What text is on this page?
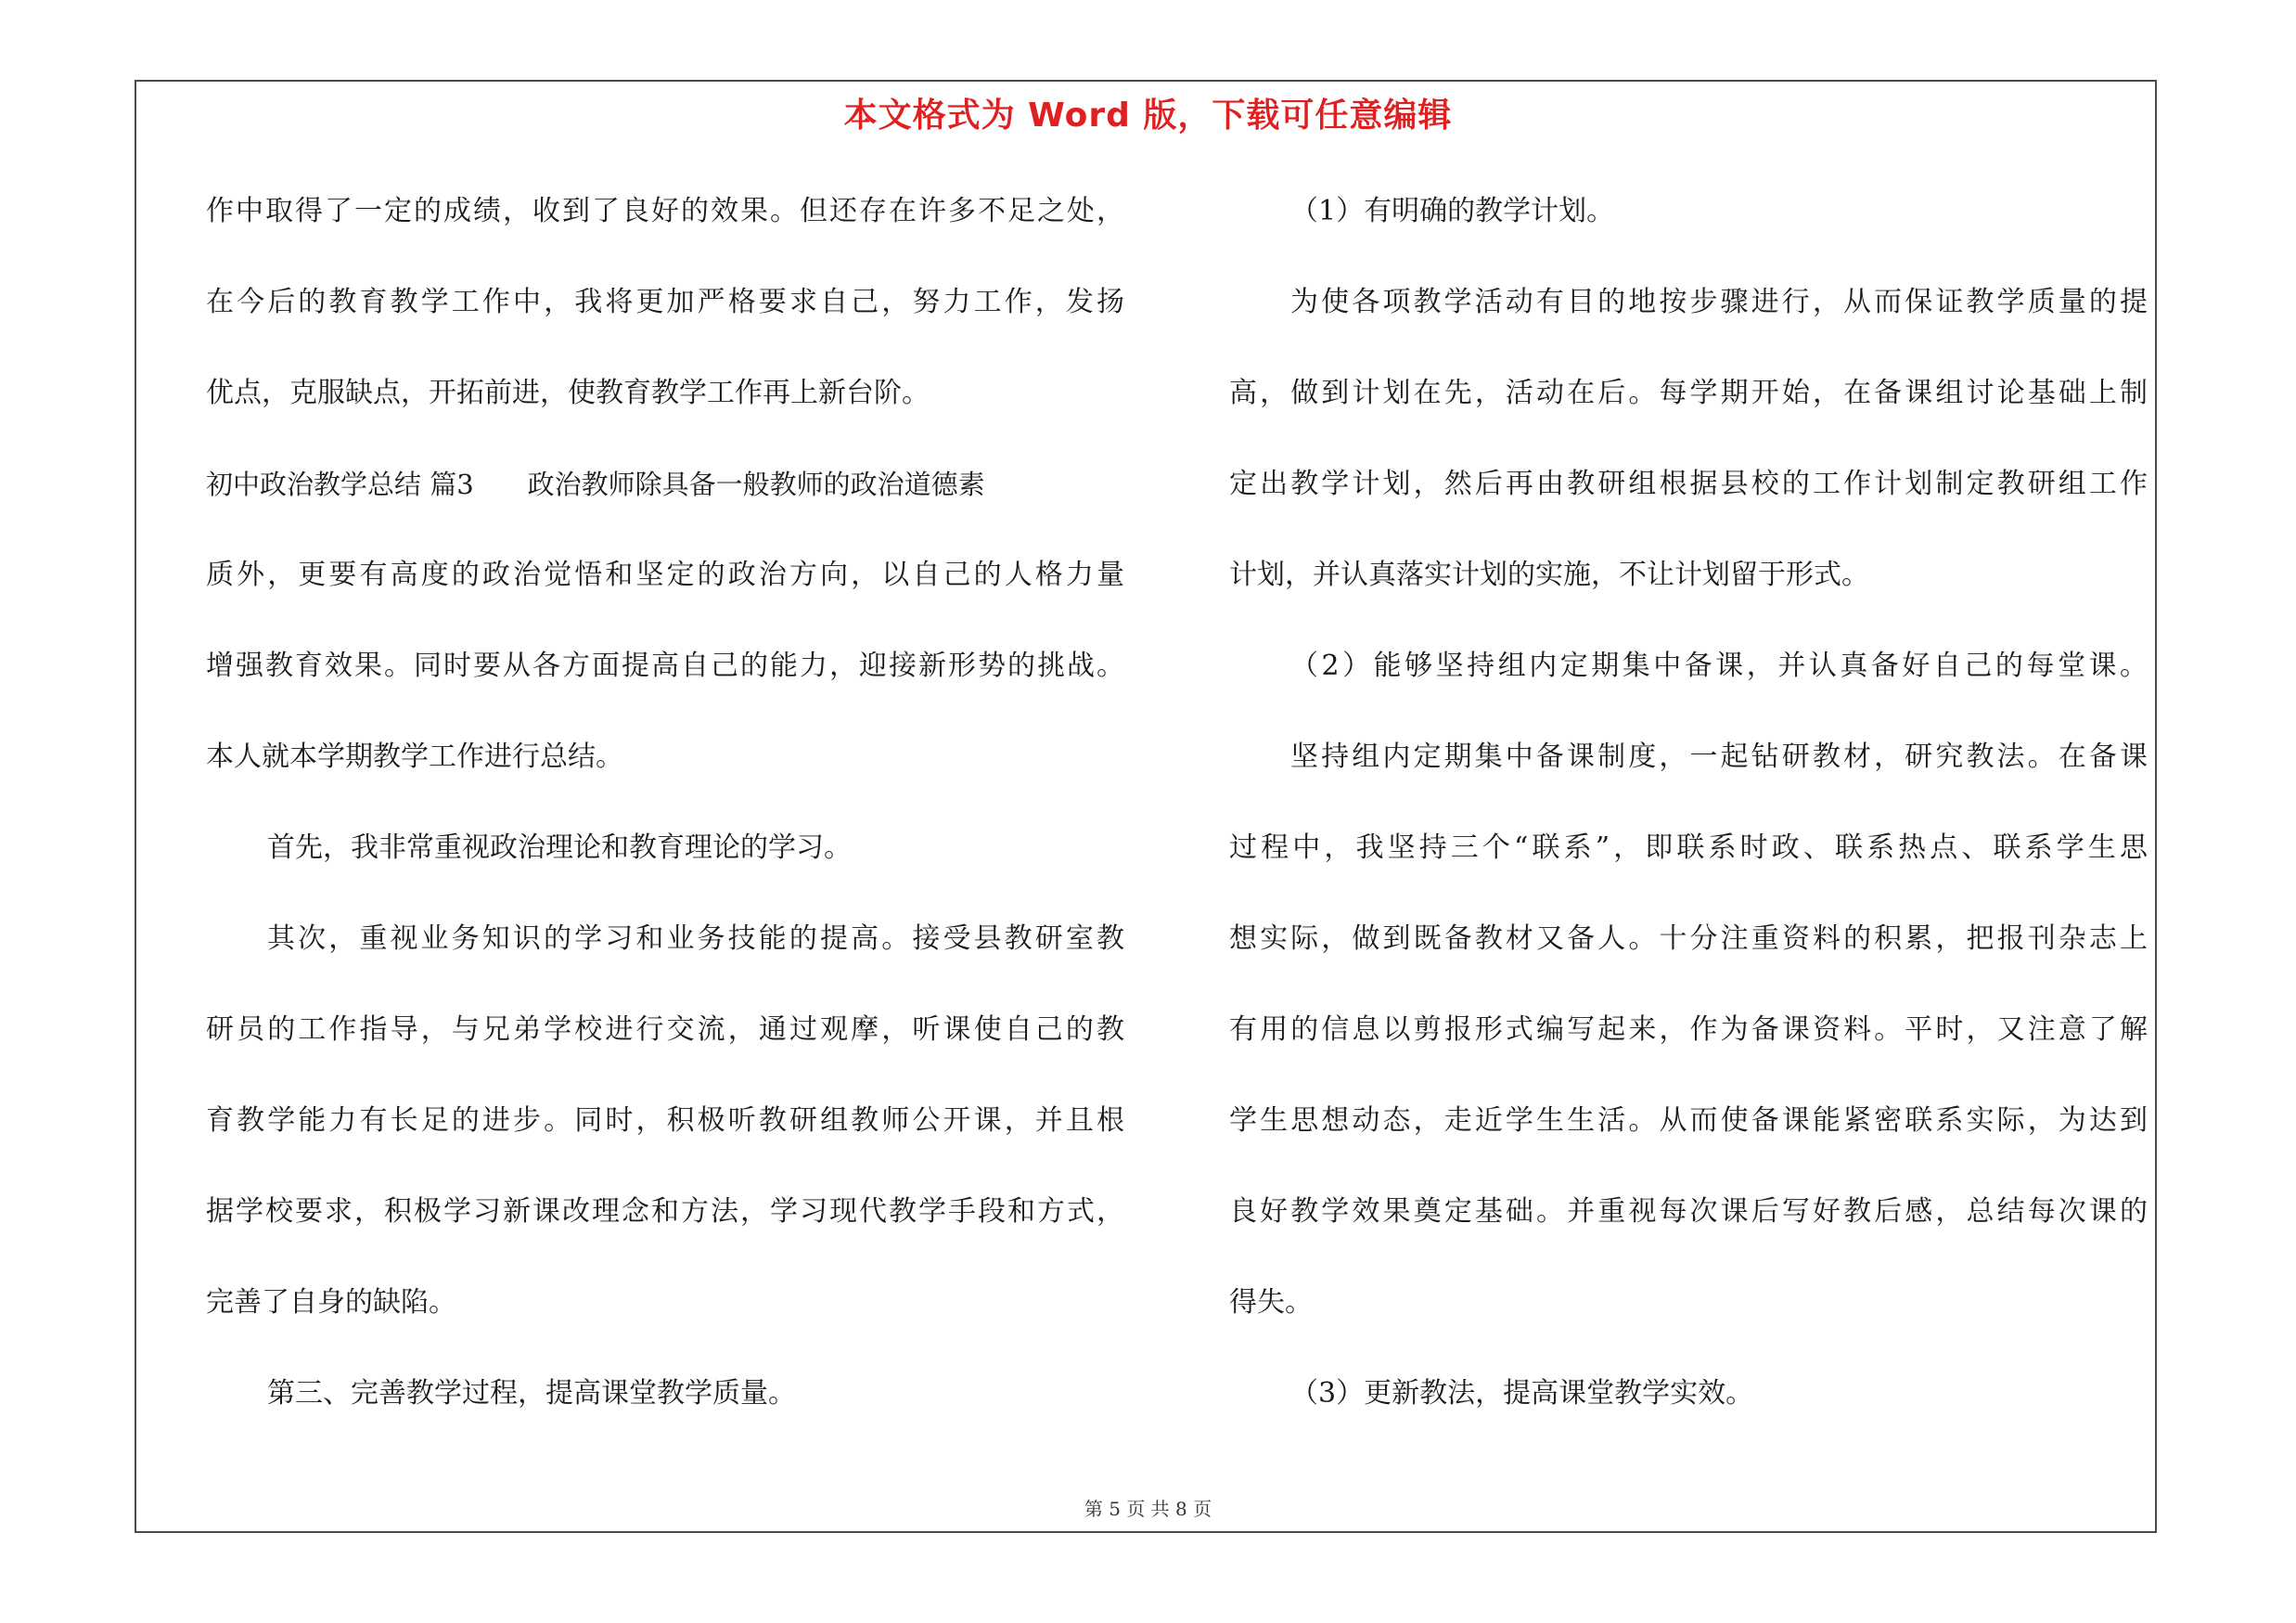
本文格式为 Word 版，下载可任意编辑
作中取得了一定的成绩，收到了良好的效果。但还存在许多不足之处，
在今后的教育教学工作中，我将更加严格要求自己，努力工作，发扬
优点，克服缺点，开拓前进，使教育教学工作再上新台阶。
初中政治教学总结 篇3　　政治教师除具备一般教师的政治道德素
质外，更要有高度的政治觉悟和坚定的政治方向，以自己的人格力量
增强教育效果。同时要从各方面提高自己的能力，迎接新形势的挑战。
本人就本学期教学工作进行总结。
首先，我非常重视政治理论和教育理论的学习。
其次，重视业务知识的学习和业务技能的提高。接受县教研室教
研员的工作指导，与兄弟学校进行交流，通过观摩，听课使自己的教
育教学能力有长足的进步。同时，积极听教研组教师公开课，并且根
据学校要求，积极学习新课改理念和方法，学习现代教学手段和方式，
完善了自身的缺陷。
第三、完善教学过程，提高课堂教学质量。
（1）有明确的教学计划。
为使各项教学活动有目的地按步骤进行，从而保证教学质量的提
高，做到计划在先，活动在后。每学期开始，在备课组讨论基础上制
定出教学计划，然后再由教研组根据县校的工作计划制定教研组工作
计划，并认真落实计划的实施，不让计划留于形式。
（2）能够坚持组内定期集中备课，并认真备好自己的每堂课。
坚持组内定期集中备课制度，一起钻研教材，研究教法。在备课
过程中，我坚持三个“联系”，即联系时政、联系热点、联系学生思
想实际，做到既备教材又备人。十分注重资料的积累，把报刊杂志上
有用的信息以剪报形式编写起来，作为备课资料。平时，又注意了解
学生思想动态，走近学生生活。从而使备课能紧密联系实际，为达到
良好教学效果奠定基础。并重视每次课后写好教后感，总结每次课的
得失。
（3）更新教法，提高课堂教学实效。
第 5 页 共 8 页
